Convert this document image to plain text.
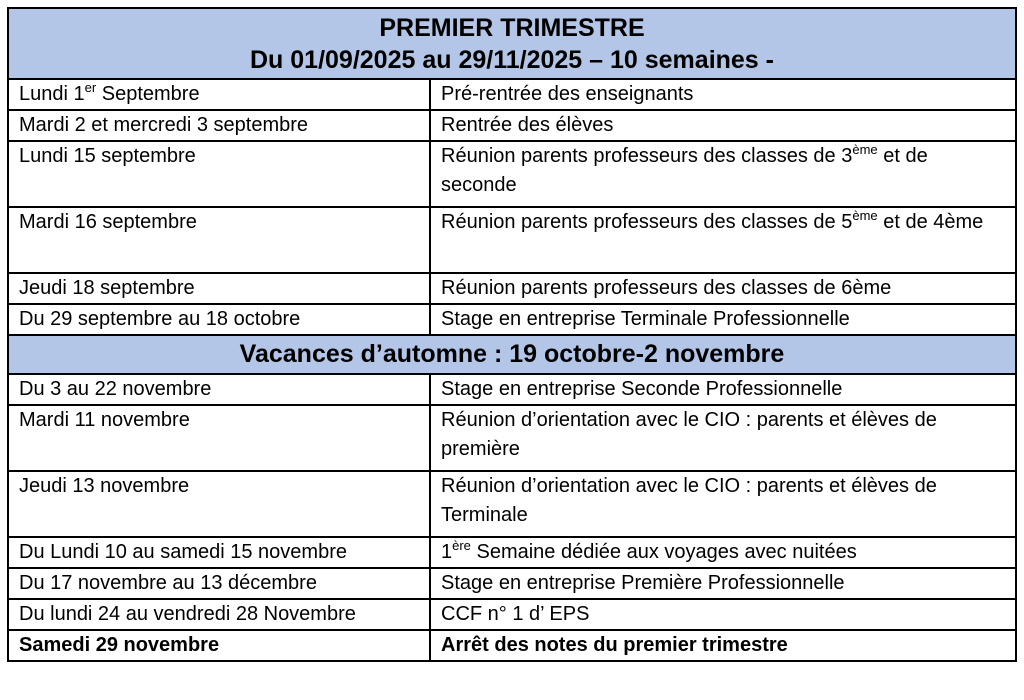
PREMIER TRIMESTRE
Du 01/09/2025 au 29/11/2025 – 10 semaines -	

Lundi 1er Septembre	Pré-rentrée des enseignants
Mardi 2 et mercredi 3 septembre	Rentrée des élèves
Lundi 15 septembre	Réunion parents professeurs des classes de 3ème et de seconde
Mardi 16 septembre	Réunion parents professeurs des classes de 5ème et de 4ème
Jeudi 18 septembre	Réunion parents professeurs des classes de 6ème
Du 29 septembre au 18 octobre	Stage en entreprise Terminale Professionnelle
Vacances d’automne : 19 octobre-2 novembre	
Du 3 au 22 novembre	Stage en entreprise Seconde Professionnelle
Mardi 11 novembre	Réunion d’orientation avec le CIO : parents et élèves de première
Jeudi 13 novembre	Réunion d’orientation avec le CIO : parents et élèves de Terminale
Du Lundi 10 au samedi 15 novembre	1ère Semaine dédiée aux voyages avec nuitées
Du 17 novembre au 13 décembre	Stage en entreprise Première Professionnelle
Du lundi 24 au vendredi 28 Novembre	CCF n° 1 d’ EPS
Samedi 29 novembre	Arrêt des notes du premier trimestre
